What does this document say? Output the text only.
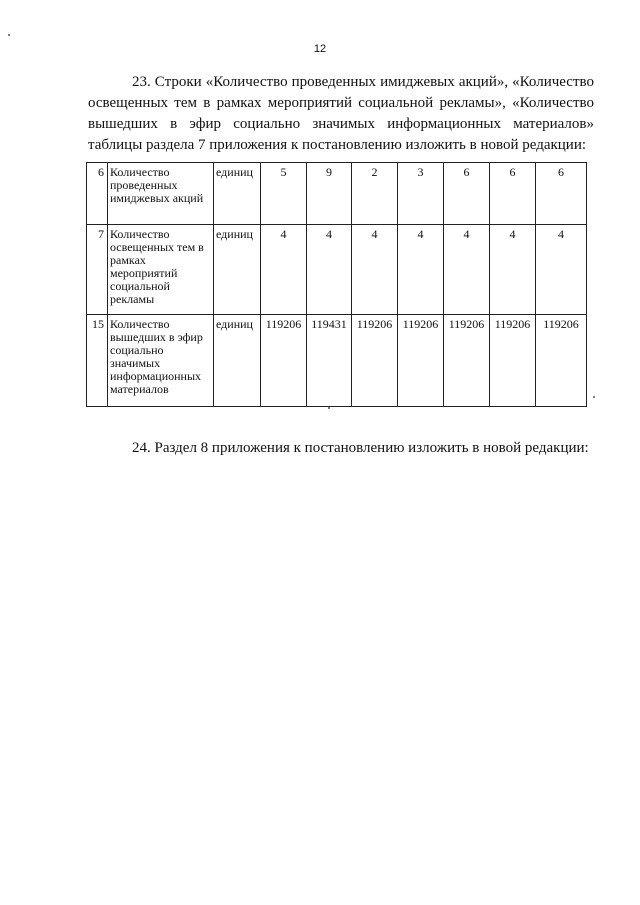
12

23. Строки «Количество проведенных имиджевых акций», «Количество освещенных тем в рамках мероприятий социальной рекламы», «Количество вышедших в эфир социально значимых информационных материалов» таблицы раздела 7 приложения к постановлению изложить в новой редакции:

6	Количество проведенных имиджевых акций	единиц	5	9	2	3	6	6	6
7	Количество освещенных тем в рамках мероприятий социальной рекламы	единиц	4	4	4	4	4	4	4
15	Количество вышедших в эфир социально значимых информационных материалов	единиц	119206	119431	119206	119206	119206	119206	119206

24. Раздел 8 приложения к постановлению изложить в новой редакции:
